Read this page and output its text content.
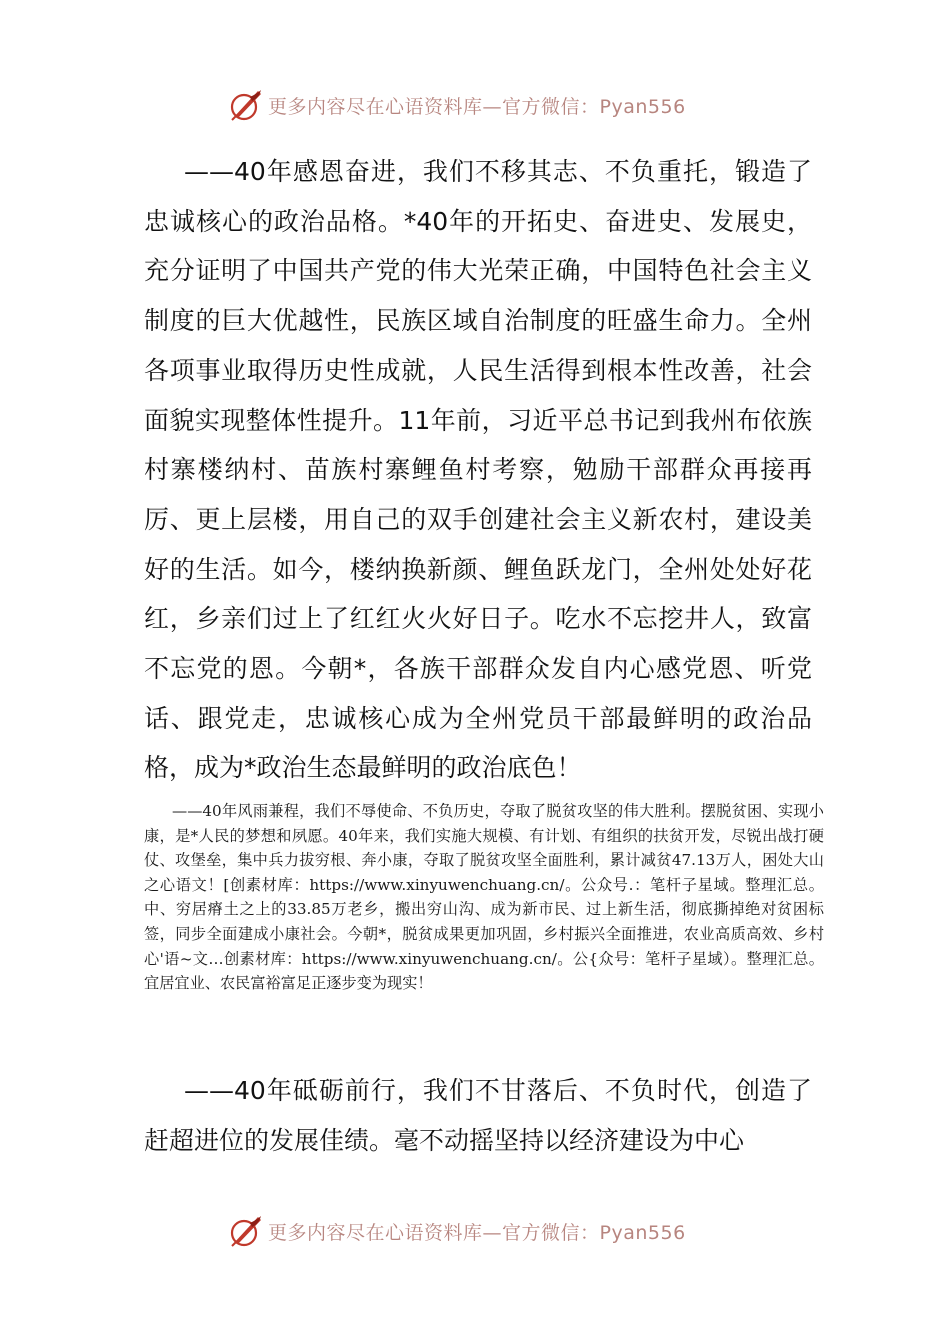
更多内容尽在心语资料库—官方微信：Pyan556

——40年感恩奋进，我们不移其志、不负重托，锻造了忠诚核心的政治品格。*40年的开拓史、奋进史、发展史，充分证明了中国共产党的伟大光荣正确，中国特色社会主义制度的巨大优越性，民族区域自治制度的旺盛生命力。全州各项事业取得历史性成就，人民生活得到根本性改善，社会面貌实现整体性提升。11年前，习近平总书记到我州布依族村寨楼纳村、苗族村寨鲤鱼村考察，勉励干部群众再接再厉、更上层楼，用自己的双手创建社会主义新农村，建设美好的生活。如今，楼纳换新颜、鲤鱼跃龙门，全州处处好花红，乡亲们过上了红红火火好日子。吃水不忘挖井人，致富不忘党的恩。今朝*，各族干部群众发自内心感党恩、听党话、跟党走，忠诚核心成为全州党员干部最鲜明的政治品格，成为*政治生态最鲜明的政治底色！

——40年风雨兼程，我们不辱使命、不负历史，夺取了脱贫攻坚的伟大胜利。摆脱贫困、实现小康，是*人民的梦想和夙愿。40年来，我们实施大规模、有计划、有组织的扶贫开发，尽锐出战打硬仗、攻堡垒，集中兵力拔穷根、奔小康，夺取了脱贫攻坚全面胜利，累计减贫47.13万人，困处大山之心语文！[创素材库：https://www.xinyuwenchuang.cn/。公众号.：笔杆子星域。整理汇总。中、穷居瘠土之上的33.85万老乡，搬出穷山沟、成为新市民、过上新生活，彻底撕掉绝对贫困标签，同步全面建成小康社会。今朝*，脱贫成果更加巩固，乡村振兴全面推进，农业高质高效、乡村心'语~文…创素材库：https://www.xinyuwenchuang.cn/。公{众号：笔杆子星域）。整理汇总。宜居宜业、农民富裕富足正逐步变为现实！

——40年砥砺前行，我们不甘落后、不负时代，创造了赶超进位的发展佳绩。毫不动摇坚持以经济建设为中心

更多内容尽在心语资料库—官方微信：Pyan556
